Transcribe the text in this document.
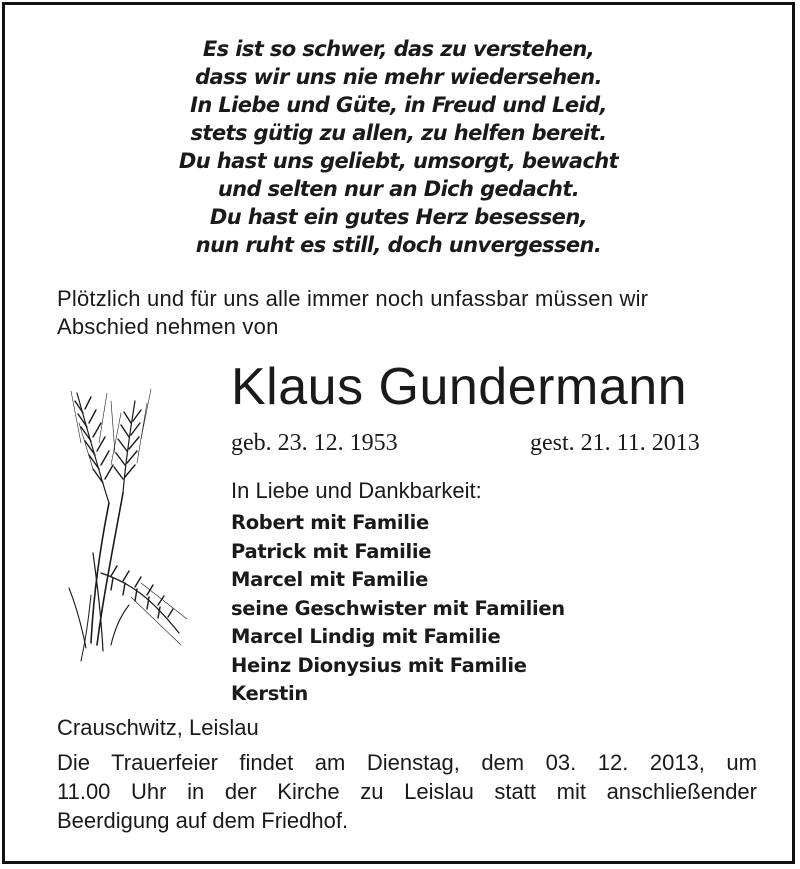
Es ist so schwer, das zu verstehen,
dass wir uns nie mehr wiedersehen.
In Liebe und Güte, in Freud und Leid,
stets gütig zu allen, zu helfen bereit.
Du hast uns geliebt, umsorgt, bewacht
und selten nur an Dich gedacht.
Du hast ein gutes Herz besessen,
nun ruht es still, doch unvergessen.
Plötzlich und für uns alle immer noch unfassbar müssen wir
Abschied nehmen von
Klaus Gundermann
geb. 23. 12. 1953	gest. 21. 11. 2013
In Liebe und Dankbarkeit:
Robert mit Familie
Patrick mit Familie
Marcel mit Familie
seine Geschwister mit Familien
Marcel Lindig mit Familie
Heinz Dionysius mit Familie
Kerstin
Crauschwitz, Leislau
Die Trauerfeier findet am Dienstag, dem 03. 12. 2013, um
11.00 Uhr in der Kirche zu Leislau statt mit anschließender
Beerdigung auf dem Friedhof.
